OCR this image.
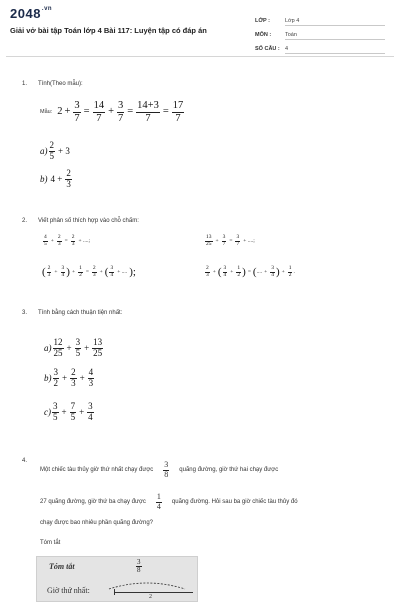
$2048^{.vn}$
Giải vở bài tập Toán lớp 4 Bài 117: Luyện tập có đáp án
LỚP :	Lớp 4
MÔN :	Toán
SỐ CÂU : 4
1. Tính(Theo mẫu):
Mẫu: $2 + \frac{3}{7} = \frac{14}{7} + \frac{3}{7} = \frac{14+3}{7} = \frac{17}{7}$
$a) \frac{2}{5} + 3$
b) $4 + \frac{2}{3}$
2. Viết phân số thích hợp vào chỗ chấm:
$\frac{4}{5} + \frac{2}{3} = \frac{2}{3}$ + ....;	$\frac{13}{25} + \frac{3}{7} = \frac{3}{7}$ + ....;
( $\frac{2}{3} + \frac{3}{4}$ ) + $\frac{1}{2} = \frac{2}{3}$ + ( $\frac{3}{4}$ + .... );	$\frac{2}{3}$ + ( $\frac{3}{4} + \frac{1}{2}$ ) = ( .... + $\frac{3}{4}$ ) + $\frac{1}{2}$ .
3. Tính bằng cách thuận tiện nhất:
$a) \frac{12}{25} + \frac{3}{5} + \frac{13}{25}$
$b) \frac{3}{2} + \frac{2}{3} + \frac{4}{3}$
$c) \frac{3}{5} + \frac{7}{5} + \frac{3}{4}$
4.
Một chiếc tàu thủy giờ thứ nhất chạy được $\frac{3}{8}$ quãng đường, giờ thứ hai chạy được
27 quãng đường, giờ thứ ba chạy được $\frac{1}{4}$ quãng đường. Hỏi sau ba giờ chiếc tàu thủy đó
chạy được bao nhiêu phần quãng đường?
Tóm tắt
Tóm tắt	$\frac{3}{8}$
Giờ thứ nhất:
2
